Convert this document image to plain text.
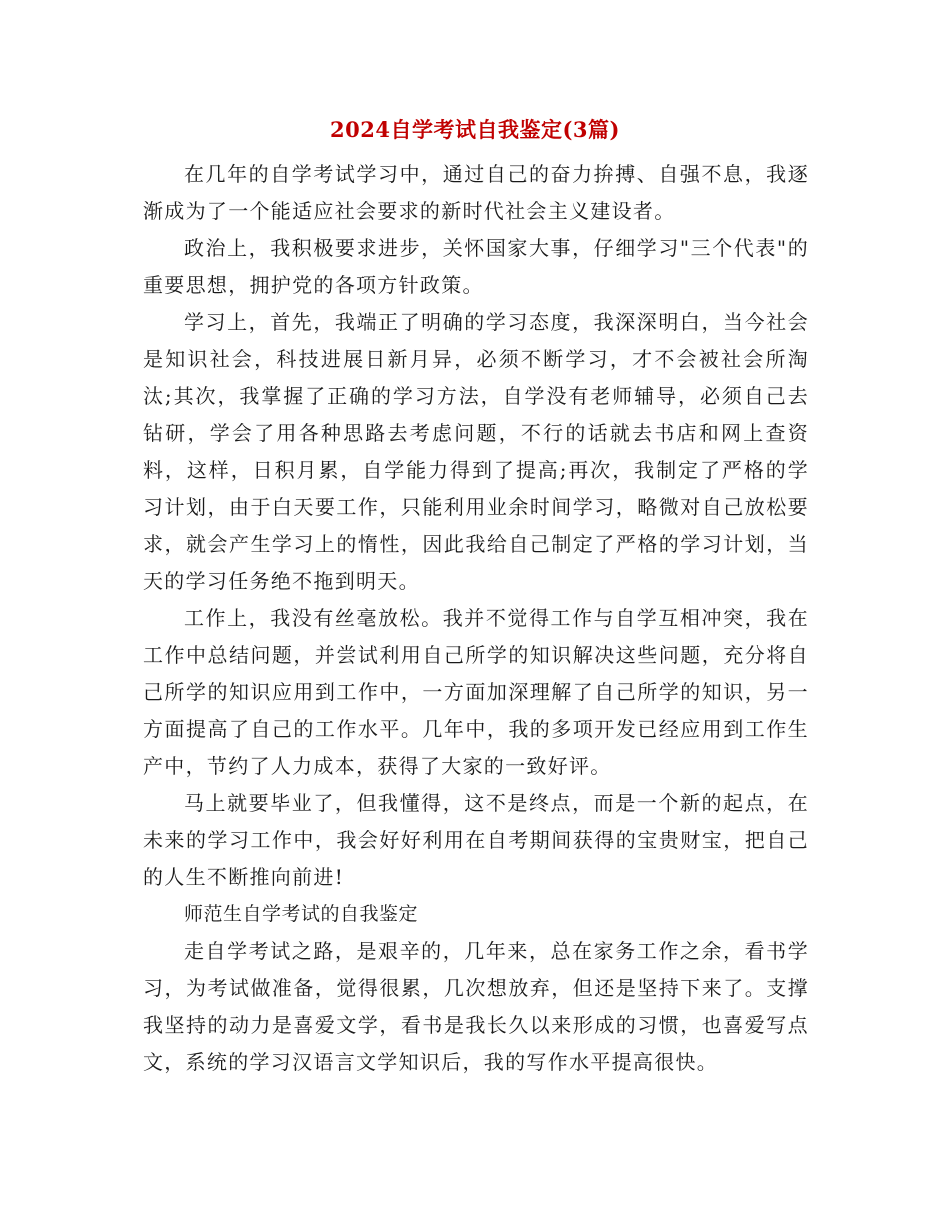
2024自学考试自我鉴定(3篇)

在几年的自学考试学习中，通过自己的奋力拚搏、自强不息，我逐渐成为了一个能适应社会要求的新时代社会主义建设者。

政治上，我积极要求进步，关怀国家大事，仔细学习"三个代表"的重要思想，拥护党的各项方针政策。

学习上，首先，我端正了明确的学习态度，我深深明白，当今社会是知识社会，科技进展日新月异，必须不断学习，才不会被社会所淘汰;其次，我掌握了正确的学习方法，自学没有老师辅导，必须自己去钻研，学会了用各种思路去考虑问题，不行的话就去书店和网上查资料，这样，日积月累，自学能力得到了提高;再次，我制定了严格的学习计划，由于白天要工作，只能利用业余时间学习，略微对自己放松要求，就会产生学习上的惰性，因此我给自己制定了严格的学习计划，当天的学习任务绝不拖到明天。

工作上，我没有丝毫放松。我并不觉得工作与自学互相冲突，我在工作中总结问题，并尝试利用自己所学的知识解决这些问题，充分将自己所学的知识应用到工作中，一方面加深理解了自己所学的知识，另一方面提高了自己的工作水平。几年中，我的多项开发已经应用到工作生产中，节约了人力成本，获得了大家的一致好评。

马上就要毕业了，但我懂得，这不是终点，而是一个新的起点，在未来的学习工作中，我会好好利用在自考期间获得的宝贵财宝，把自己的人生不断推向前进!

师范生自学考试的自我鉴定

走自学考试之路，是艰辛的，几年来，总在家务工作之余，看书学习，为考试做准备，觉得很累，几次想放弃，但还是坚持下来了。支撑我坚持的动力是喜爱文学，看书是我长久以来形成的习惯，也喜爱写点文，系统的学习汉语言文学知识后，我的写作水平提高很快。
